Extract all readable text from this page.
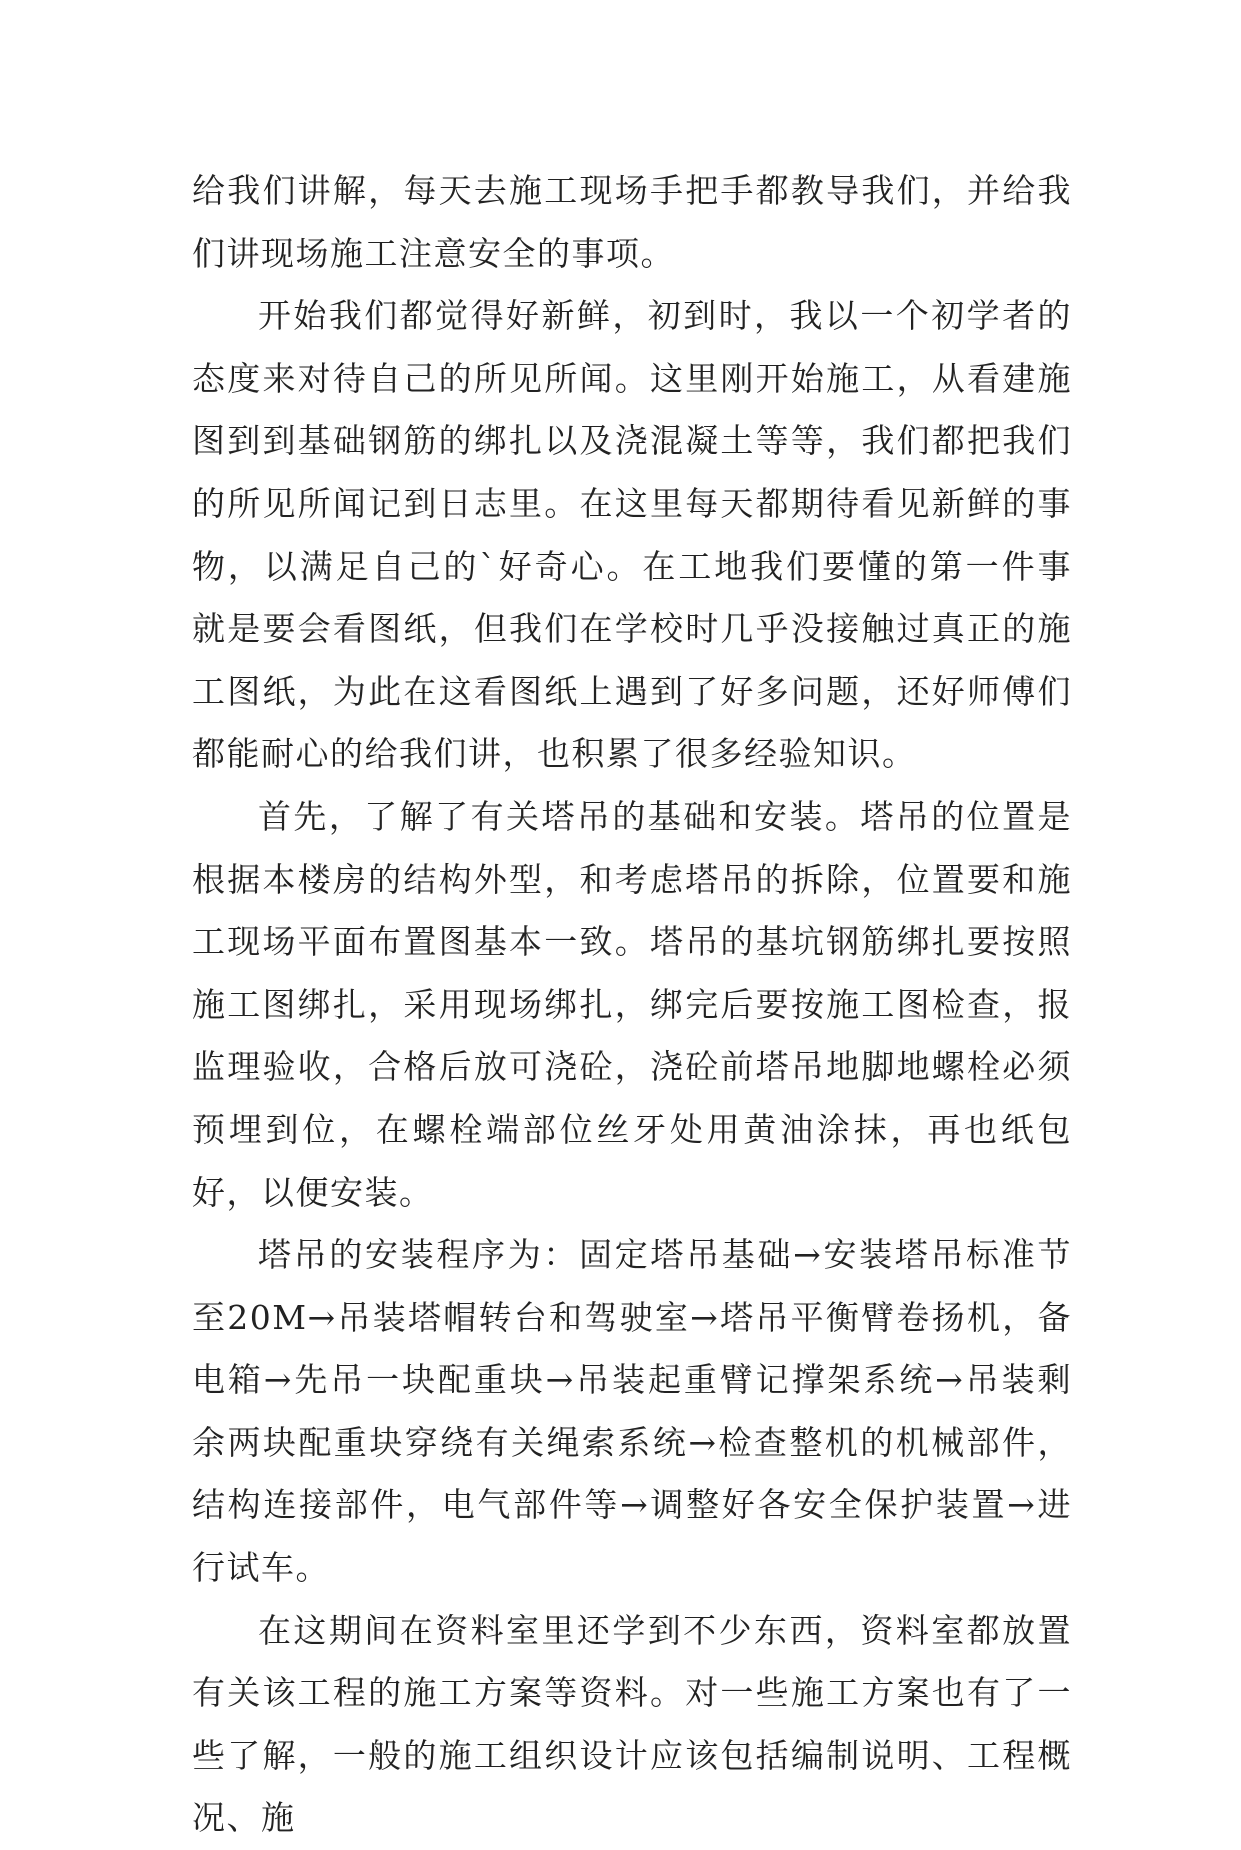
给我们讲解，每天去施工现场手把手都教导我们，并给我们讲现场施工注意安全的事项。

开始我们都觉得好新鲜，初到时，我以一个初学者的态度来对待自己的所见所闻。这里刚开始施工，从看建施图到到基础钢筋的绑扎以及浇混凝土等等，我们都把我们的所见所闻记到日志里。在这里每天都期待看见新鲜的事物，以满足自己的`好奇心。在工地我们要懂的第一件事就是要会看图纸，但我们在学校时几乎没接触过真正的施工图纸，为此在这看图纸上遇到了好多问题，还好师傅们都能耐心的给我们讲，也积累了很多经验知识。

首先，了解了有关塔吊的基础和安装。塔吊的位置是根据本楼房的结构外型，和考虑塔吊的拆除，位置要和施工现场平面布置图基本一致。塔吊的基坑钢筋绑扎要按照施工图绑扎，采用现场绑扎，绑完后要按施工图检查，报监理验收，合格后放可浇砼，浇砼前塔吊地脚地螺栓必须预埋到位，在螺栓端部位丝牙处用黄油涂抹，再也纸包好，以便安装。

塔吊的安装程序为：固定塔吊基础→安装塔吊标准节至20M→吊装塔帽转台和驾驶室→塔吊平衡臂卷扬机，备电箱→先吊一块配重块→吊装起重臂记撑架系统→吊装剩余两块配重块穿绕有关绳索系统→检查整机的机械部件，结构连接部件，电气部件等→调整好各安全保护装置→进行试车。

在这期间在资料室里还学到不少东西，资料室都放置有关该工程的施工方案等资料。对一些施工方案也有了一些了解，一般的施工组织设计应该包括编制说明、工程概况、施
